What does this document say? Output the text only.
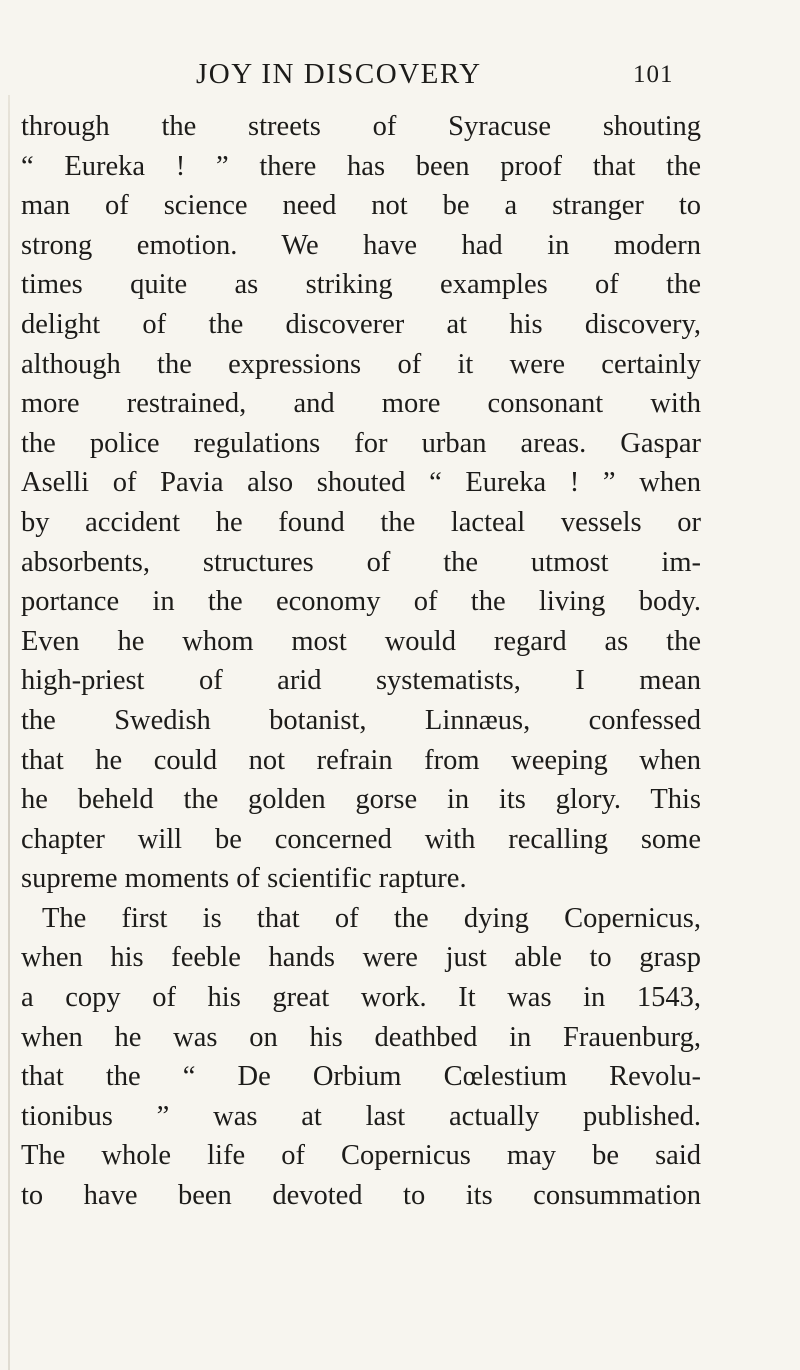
JOY IN DISCOVERY	101
through the streets of Syracuse shouting
“ Eureka ! ” there has been proof that the
man of science need not be a stranger to
strong emotion. We have had in modern
times quite as striking examples of the
delight of the discoverer at his discovery,
although the expressions of it were certainly
more restrained, and more consonant with
the police regulations for urban areas. Gaspar
Aselli of Pavia also shouted “ Eureka ! ” when
by accident he found the lacteal vessels or
absorbents, structures of the utmost im-
portance in the economy of the living body.
Even he whom most would regard as the
high-priest of arid systematists, I mean
the Swedish botanist, Linnæus, confessed
that he could not refrain from weeping when
he beheld the golden gorse in its glory. This
chapter will be concerned with recalling some
supreme moments of scientific rapture.
The first is that of the dying Copernicus,
when his feeble hands were just able to grasp
a copy of his great work. It was in 1543,
when he was on his deathbed in Frauenburg,
that the “ De Orbium Cœlestium Revolu-
tionibus ” was at last actually published.
The whole life of Copernicus may be said
to have been devoted to its consummation
